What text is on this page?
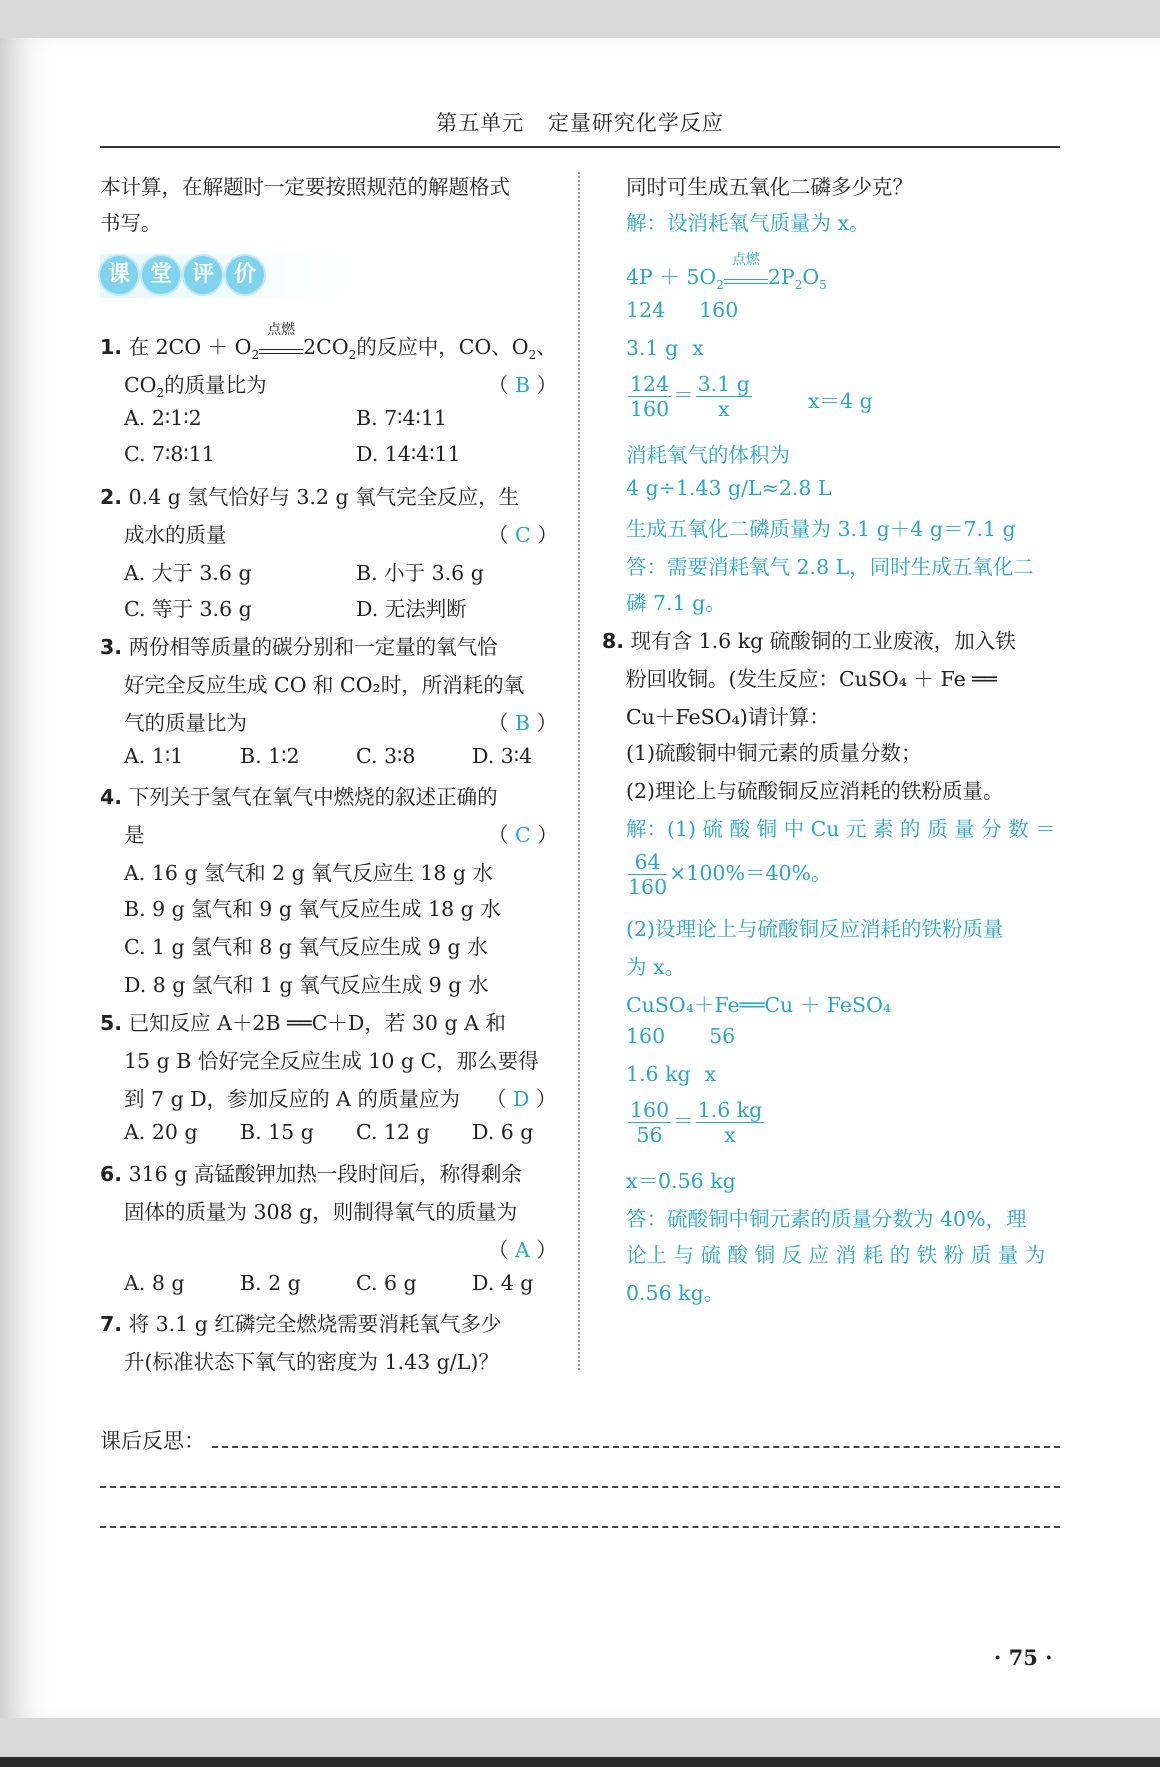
第五单元 定量研究化学反应
本计算，在解题时一定要按照规范的解题格式
书写。
课 堂 评 价
1. 在 $2CO + O_2$
点燃
$2CO_2$的反应中，CO、$O_2$、
$CO_2$的质量比为	（ B ）
A. 2∶1∶2	B. 7∶4∶11
C. 7∶8∶11	D. 14∶4∶11
2. 0.4 g 氢气恰好与 3.2 g 氧气完全反应，生
成水的质量	（ C ）
A. 大于 3.6 g	B. 小于 3.6 g
C. 等于 3.6 g	D. 无法判断
3. 两份相等质量的碳分别和一定量的氧气恰
好完全反应生成 CO 和 CO₂时，所消耗的氧
气的质量比为	（ B ）
A. 1∶1	B. 1∶2	C. 3∶8	D. 3∶4
4. 下列关于氢气在氧气中燃烧的叙述正确的
是	（ C ）
A. 16 g 氢气和 2 g 氧气反应生 18 g 水
B. 9 g 氢气和 9 g 氧气反应生成 18 g 水
C. 1 g 氢气和 8 g 氧气反应生成 9 g 水
D. 8 g 氢气和 1 g 氧气反应生成 9 g 水
5. 已知反应 A＋2B ══C＋D，若 30 g A 和
15 g B 恰好完全反应生成 10 g C，那么要得
到 7 g D，参加反应的 A 的质量应为 （ D ）
A. 20 g B. 15 g C. 12 g D. 6 g
6. 316 g 高锰酸钾加热一段时间后，称得剩余
固体的质量为 308 g，则制得氧气的质量为
（ A ）
A. 8 g	B. 2 g	C. 6 g	D. 4 g
7. 将 3.1 g 红磷完全燃烧需要消耗氧气多少
升(标准状态下氧气的密度为 1.43 g/L)？
同时可生成五氧化二磷多少克？
解：设消耗氧气质量为 x。
$4P + 5O_2$
点燃
$2P_2O_5$
124 160
3.1 g x
$\frac{124}{160} = \frac{3.1 g}{x}$	x＝4 g
消耗氧气的体积为
4 g÷1.43 g/L≈2.8 L
生成五氧化二磷质量为 3.1 g＋4 g＝7.1 g
答：需要消耗氧气 2.8 L，同时生成五氧化二
磷 7.1 g。
8. 现有含 1.6 kg 硫酸铜的工业废液，加入铁
粉回收铜。(发生反应：CuSO₄ ＋ Fe ══
Cu＋FeSO₄)请计算：
(1)硫酸铜中铜元素的质量分数；
(2)理论上与硫酸铜反应消耗的铁粉质量。
解：(1) 硫 酸 铜 中 Cu 元 素 的 质 量 分 数 ＝
$\frac{64}{160} \times 100\%=40\%$。
(2)设理论上与硫酸铜反应消耗的铁粉质量
为 x。
CuSO₄＋Fe══Cu ＋ FeSO₄
160 56
1.6 kg x
$\frac{160}{56} = \frac{1.6 kg}{x}$
x＝0.56 kg
答：硫酸铜中铜元素的质量分数为 40%，理
论上 与 硫 酸 铜 反 应 消 耗 的 铁 粉 质 量 为
0.56 kg。
课后反思：
· 75 ·
